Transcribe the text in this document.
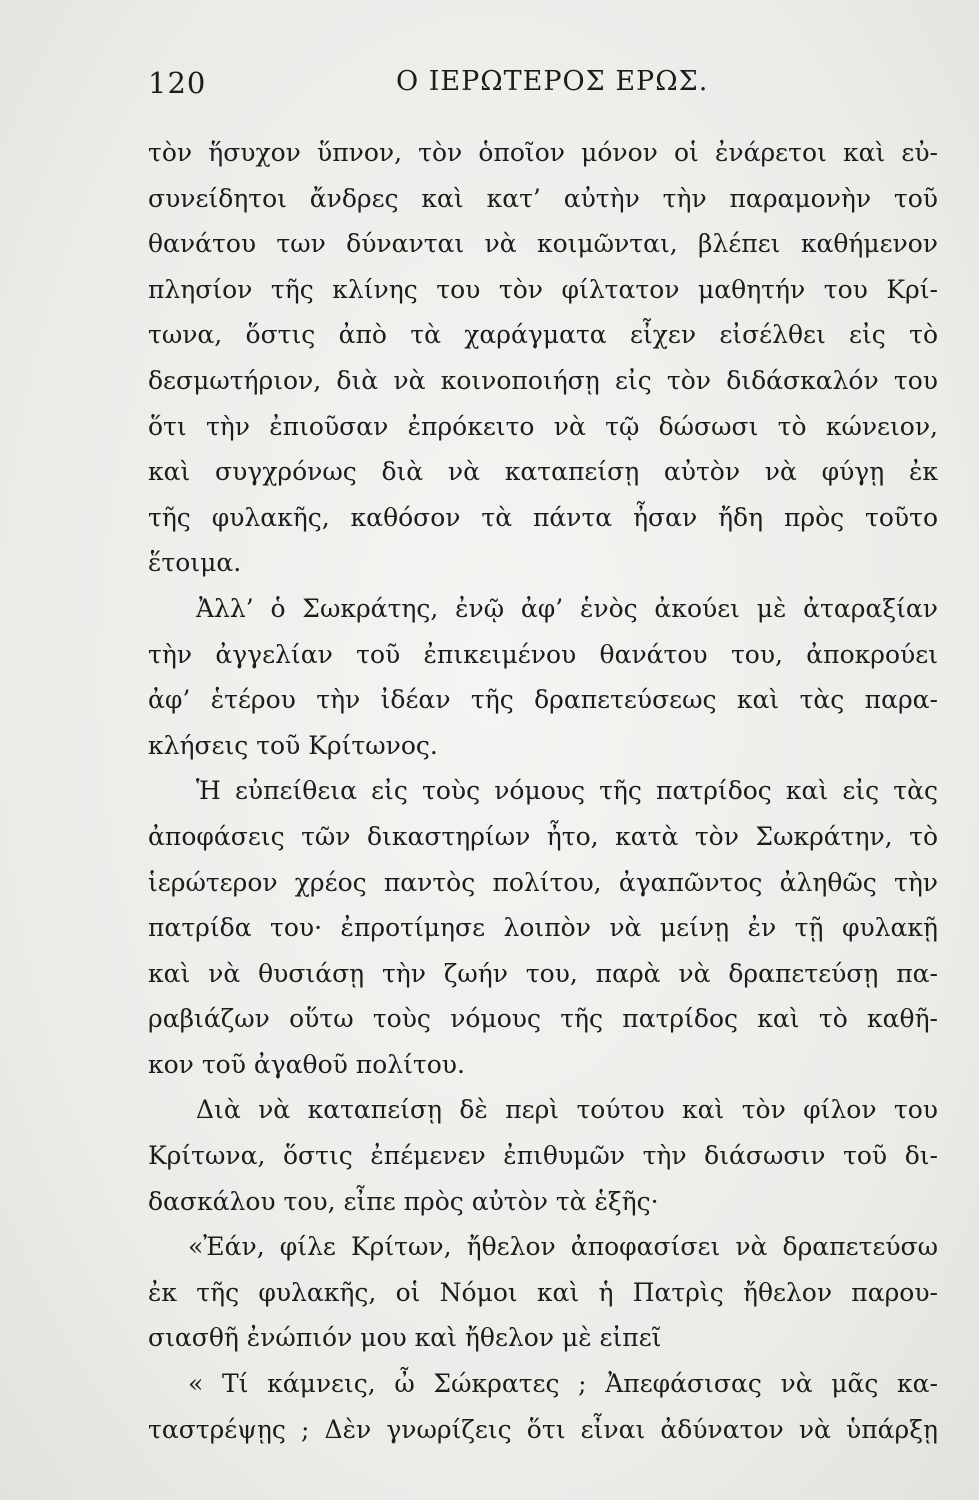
120	Ο ΙΕΡΩΤΕΡΟΣ ΕΡΩΣ.
τὸν ἥσυχον ὕπνον, τὸν ὁποῖον μόνον οἱ ἐνάρετοι καὶ εὐ-
συνείδητοι ἄνδρες καὶ κατ’ αὐτὴν τὴν παραμονὴν τοῦ
θανάτου των δύνανται νὰ κοιμῶνται, βλέπει καθήμενον
πλησίον τῆς κλίνης του τὸν φίλτατον μαθητήν του Κρί-
τωνα, ὅστις ἀπὸ τὰ χαράγματα εἶχεν εἰσέλθει εἰς τὸ
δεσμωτήριον, διὰ νὰ κοινοποιήσῃ εἰς τὸν διδάσκαλόν του
ὅτι τὴν ἐπιοῦσαν ἐπρόκειτο νὰ τῷ δώσωσι τὸ κώνειον,
καὶ συγχρόνως διὰ νὰ καταπείσῃ αὐτὸν νὰ φύγῃ ἐκ
τῆς φυλακῆς, καθόσον τὰ πάντα ἦσαν ἤδη πρὸς τοῦτο
ἕτοιμα.
Ἀλλ’ ὁ Σωκράτης, ἐνῷ ἀφ’ ἑνὸς ἀκούει μὲ ἀταραξίαν
τὴν ἀγγελίαν τοῦ ἐπικειμένου θανάτου του, ἀποκρούει
ἀφ’ ἑτέρου τὴν ἰδέαν τῆς δραπετεύσεως καὶ τὰς παρα-
κλήσεις τοῦ Κρίτωνος.
Ἡ εὐπείθεια εἰς τοὺς νόμους τῆς πατρίδος καὶ εἰς τὰς
ἀποφάσεις τῶν δικαστηρίων ἦτο, κατὰ τὸν Σωκράτην, τὸ
ἱερώτερον χρέος παντὸς πολίτου, ἀγαπῶντος ἀληθῶς τὴν
πατρίδα του· ἐπροτίμησε λοιπὸν νὰ μείνῃ ἐν τῇ φυλακῇ
καὶ νὰ θυσιάσῃ τὴν ζωήν του, παρὰ νὰ δραπετεύσῃ πα-
ραβιάζων οὕτω τοὺς νόμους τῆς πατρίδος καὶ τὸ καθῆ-
κον τοῦ ἀγαθοῦ πολίτου.
Διὰ νὰ καταπείσῃ δὲ περὶ τούτου καὶ τὸν φίλον του
Κρίτωνα, ὅστις ἐπέμενεν ἐπιθυμῶν τὴν διάσωσιν τοῦ δι-
δασκάλου του, εἶπε πρὸς αὐτὸν τὰ ἑξῆς·
«Ἐάν, φίλε Κρίτων, ἤθελον ἀποφασίσει νὰ δραπετεύσω
ἐκ τῆς φυλακῆς, οἱ Νόμοι καὶ ἡ Πατρὶς ἤθελον παρου-
σιασθῆ ἐνώπιόν μου καὶ ἤθελον μὲ εἰπεῖ
« Τί κάμνεις, ὦ Σώκρατες ; Ἀπεφάσισας νὰ μᾶς κα-
ταστρέψῃς ; Δὲν γνωρίζεις ὅτι εἶναι ἀδύνατον νὰ ὑπάρξῃ
